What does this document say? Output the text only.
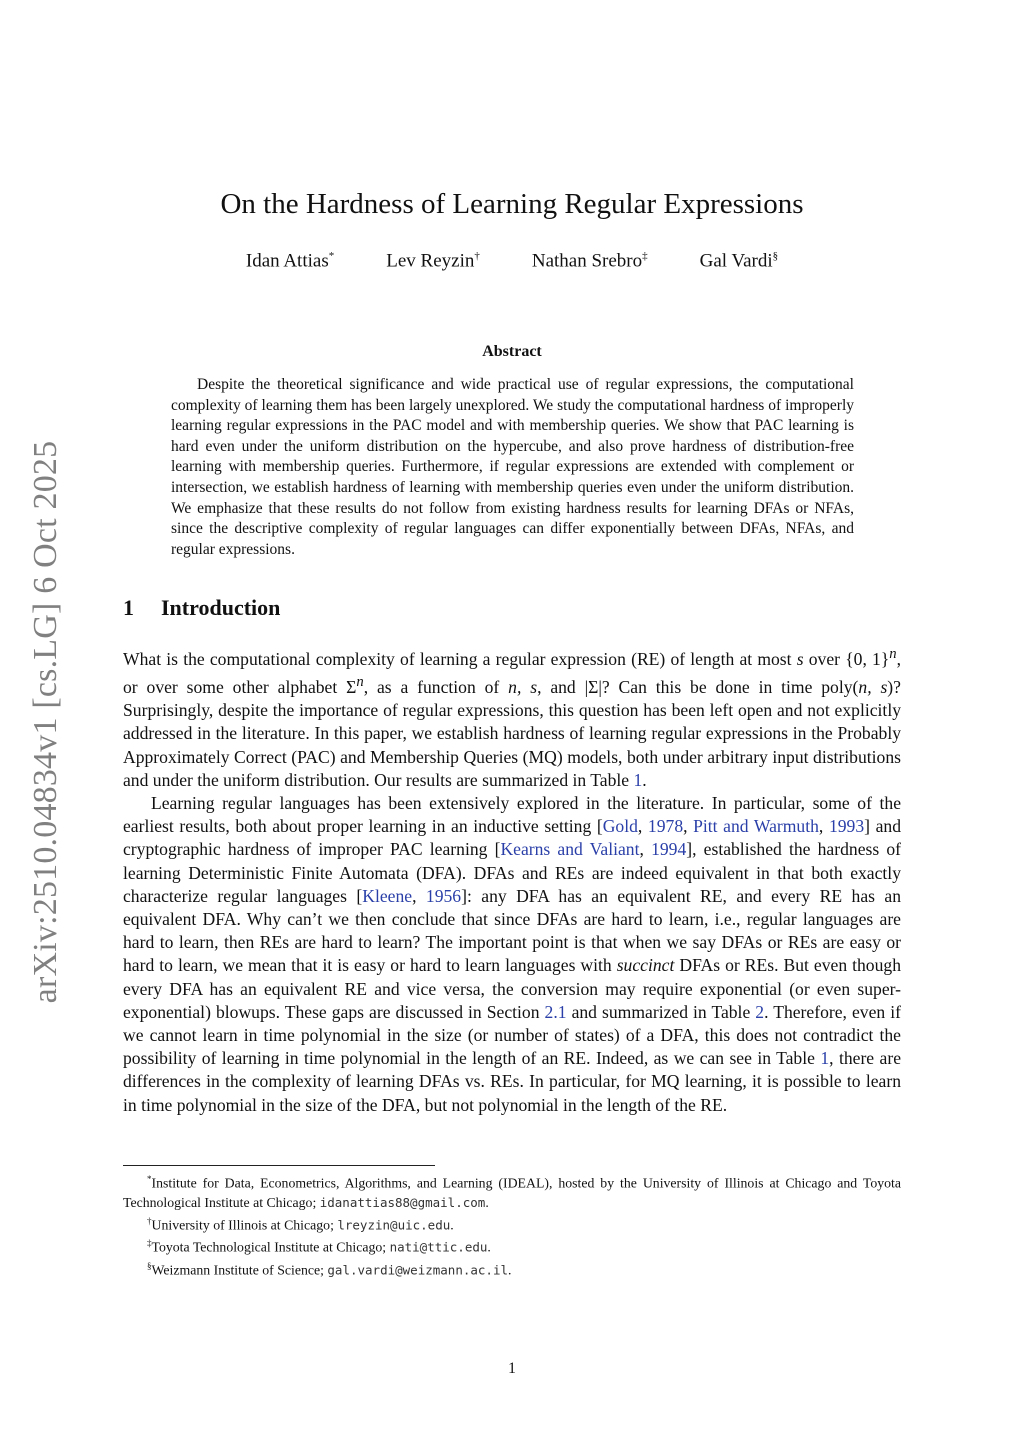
arXiv:2510.04834v1 [cs.LG] 6 Oct 2025
On the Hardness of Learning Regular Expressions
Idan Attias*	Lev Reyzin†	Nathan Srebro‡	Gal Vardi§
Abstract

Despite the theoretical significance and wide practical use of regular expressions, the computational complexity of learning them has been largely unexplored. We study the computational hardness of improperly learning regular expressions in the PAC model and with membership queries. We show that PAC learning is hard even under the uniform distribution on the hypercube, and also prove hardness of distribution-free learning with membership queries. Furthermore, if regular expressions are extended with complement or intersection, we establish hardness of learning with membership queries even under the uniform distribution. We emphasize that these results do not follow from existing hardness results for learning DFAs or NFAs, since the descriptive complexity of regular languages can differ exponentially between DFAs, NFAs, and regular expressions.

1 Introduction

What is the computational complexity of learning a regular expression (RE) of length at most s over {0, 1}$^n$, or over some other alphabet $\Sigma^n$, as a function of n, s, and |Σ|? Can this be done in time poly(n, s)? Surprisingly, despite the importance of regular expressions, this question has been left open and not explicitly addressed in the literature. In this paper, we establish hardness of learning regular expressions in the Probably Approximately Correct (PAC) and Membership Queries (MQ) models, both under arbitrary input distributions and under the uniform distribution. Our results are summarized in Table 1.

Learning regular languages has been extensively explored in the literature. In particular, some of the earliest results, both about proper learning in an inductive setting [Gold, 1978, Pitt and Warmuth, 1993] and cryptographic hardness of improper PAC learning [Kearns and Valiant, 1994], established the hardness of learning Deterministic Finite Automata (DFA). DFAs and REs are indeed equivalent in that both exactly characterize regular languages [Kleene, 1956]: any DFA has an equivalent RE, and every RE has an equivalent DFA. Why can’t we then conclude that since DFAs are hard to learn, i.e., regular languages are hard to learn, then REs are hard to learn? The important point is that when we say DFAs or REs are easy or hard to learn, we mean that it is easy or hard to learn languages with succinct DFAs or REs. But even though every DFA has an equivalent RE and vice versa, the conversion may require exponential (or even super-exponential) blowups. These gaps are discussed in Section 2.1 and summarized in Table 2. Therefore, even if we cannot learn in time polynomial in the size (or number of states) of a DFA, this does not contradict the possibility of learning in time polynomial in the length of an RE. Indeed, as we can see in Table 1, there are differences in the complexity of learning DFAs vs. REs. In particular, for MQ learning, it is possible to learn in time polynomial in the size of the DFA, but not polynomial in the length of the RE.

*Institute for Data, Econometrics, Algorithms, and Learning (IDEAL), hosted by the University of Illinois at Chicago and Toyota Technological Institute at Chicago; idanattias88@gmail.com.

†University of Illinois at Chicago; lreyzin@uic.edu.

‡Toyota Technological Institute at Chicago; nati@ttic.edu.

§Weizmann Institute of Science; gal.vardi@weizmann.ac.il.

1
